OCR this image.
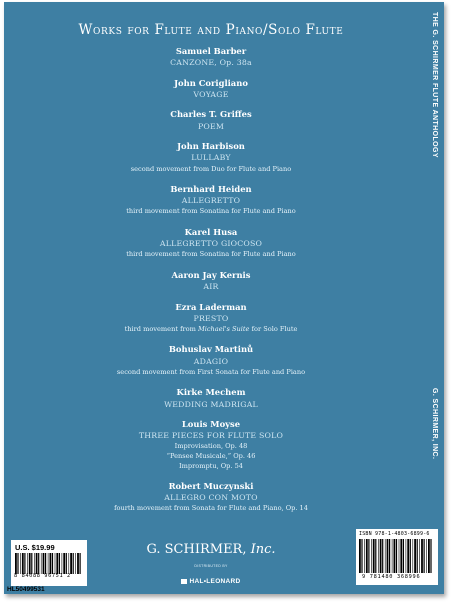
Works for Flute and Piano/Solo Flute	THE G. SCHIRMER FLUTE ANTHOLOGY
G. SCHIRMER, INC.
Samuel Barber
CANZONE, Op. 38a
John Corigliano
VOYAGE
Charles T. Griffes
POEM
John Harbison
LULLABY
second movement from Duo for Flute and Piano
Bernhard Heiden
ALLEGRETTO
third movement from Sonatina for Flute and Piano
Karel Husa
ALLEGRETTO GIOCOSO
third movement from Sonatina for Flute and Piano
Aaron Jay Kernis
AIR
Ezra Laderman
PRESTO
third movement from Michael's Suite for Solo Flute
Bohuslav Martinů
ADAGIO
second movement from First Sonata for Flute and Piano
Kirke Mechem
WEDDING MADRIGAL
Louis Moyse
THREE PIECES FOR FLUTE SOLO
Improvisation, Op. 48
“Pensee Musicale,” Op. 46
Impromptu, Op. 54
Robert Muczynski
ALLEGRO CON MOTO
fourth movement from Sonata for Flute and Piano, Op. 14
G. SCHIRMER, Inc.
DISTRIBUTED BY
HAL•LEONARD
U.S. $19.99
8 84088 96751 2
ISBN 978-1-4803-6899-6
9 781480 368996
HL50499531
